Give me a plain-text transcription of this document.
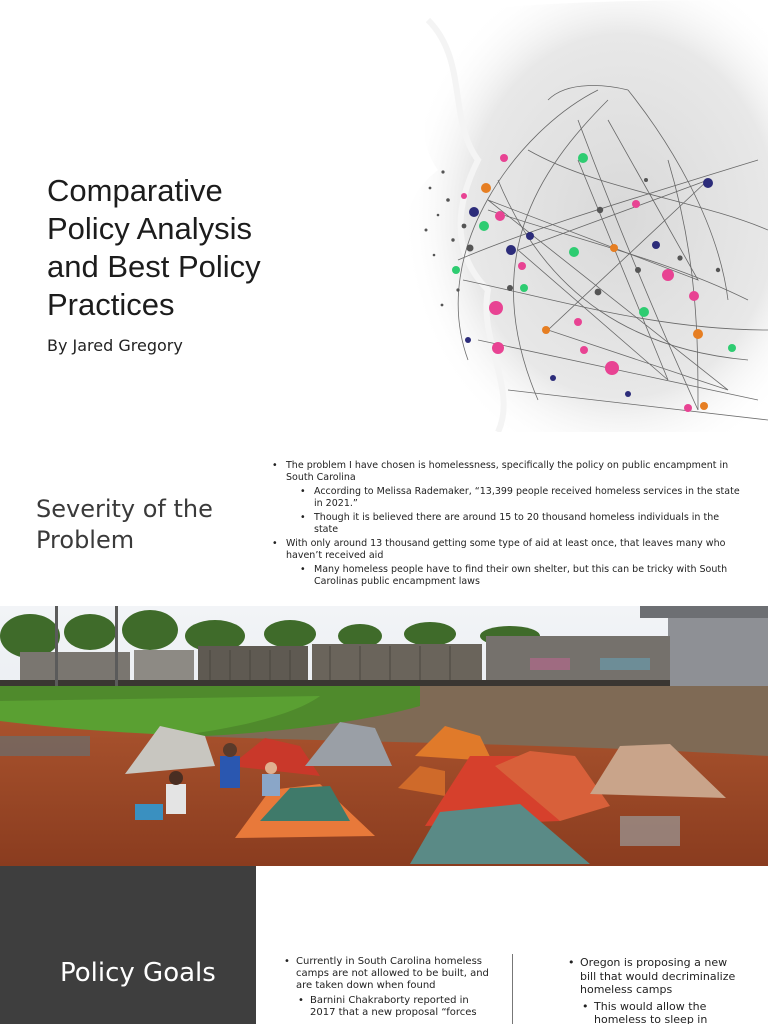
Comparative
Policy Analysis
and Best Policy
Practices
By Jared Gregory
Severity of the
Problem
• The problem I have chosen is homelessness, specifically the policy on public encampment in South Carolina
• According to Melissa Rademaker, “13,399 people received homeless services in the state in 2021.”
• Though it is believed there are around 15 to 20 thousand homeless individuals in the state
• With only around 13 thousand getting some type of aid at least once, that leaves many who haven’t received aid
• Many homeless people have to find their own shelter, but this can be tricky with South Carolinas public encampment laws
Policy Goals
•	Currently in South Carolina homeless camps are not allowed to be built, and are taken down when found
• Barnini Chakraborty reported in 2017 that a new proposal “forces
• Oregon is proposing a new bill that would decriminalize homeless camps
• This would allow the homeless to sleep in
